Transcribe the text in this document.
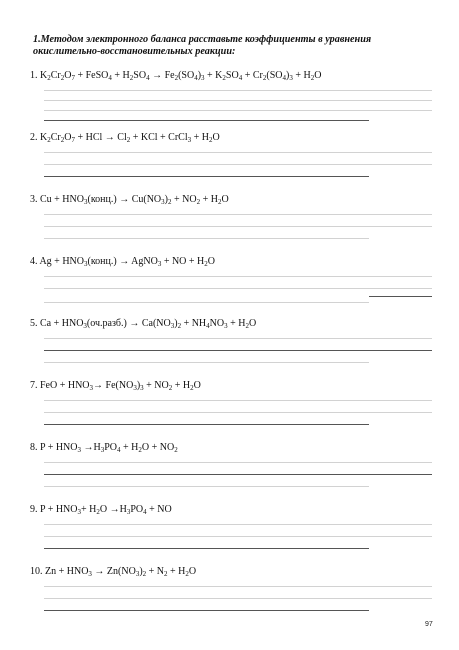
1.Методом электронного баланса расставьте коэффициенты в уравнения
окислительно-восстановительных реакции:
1. $K_2Cr_2O_7$ + FeSO$_4$ + $H_2SO_4 \to Fe_2(SO_4)_3 + K_2SO_4 + Cr_2(SO_4)_3 + H_2O$
2. $K_2Cr_2O_7$ + HCl → $Cl_2$ + KCl + CrCl$_3$ + $H_2O$
3. $Cu + HNO_3(конц.) \to Cu(NO_3)_2 + NO_2 + H_2O$
4. $Ag + HNO_3(конц.)$ → AgNO$_3$ + NO + $H_2O$
5. $Ca + HNO_3(оч.разб.) \to Ca(NO_3)_2 + NH_4NO_3 + H_2O$
7. FeO + $HNO_3\to Fe(NO_3)_3 + NO_2 + H_2O$
8. $P + HNO_3 \to H_3PO_4 + H_2O + NO_2$
9. $P + HNO_3+ H_2O \to H_3PO_4$ + NO
10. $Zn + HNO_3 \to Zn(NO_3)_2 + N_2 + H_2O$
97
